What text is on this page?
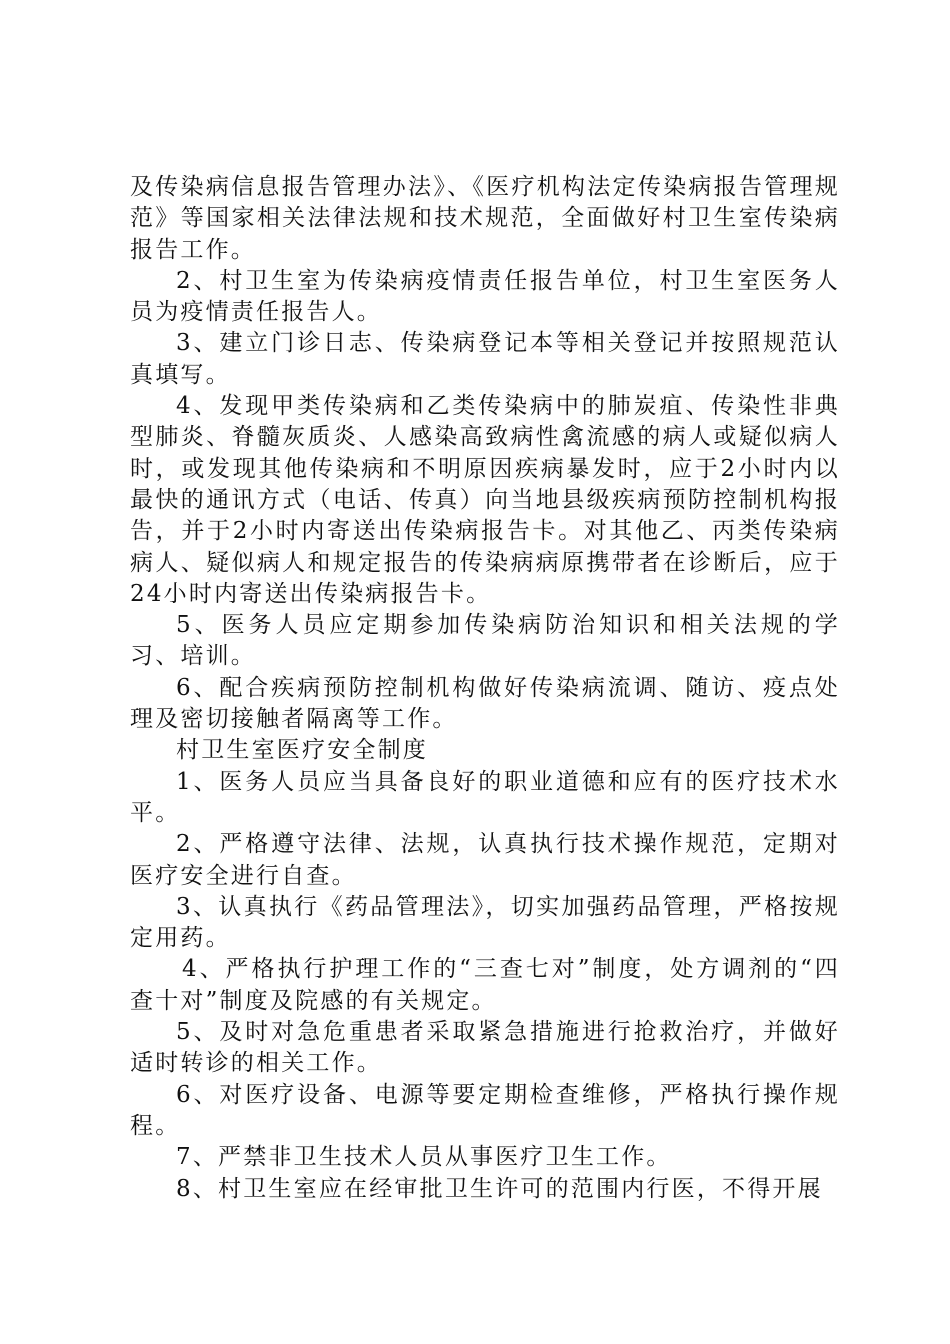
及传染病信息报告管理办法》、《医疗机构法定传染病报告管理规范》等国家相关法律法规和技术规范，全面做好村卫生室传染病报告工作。

2、村卫生室为传染病疫情责任报告单位，村卫生室医务人员为疫情责任报告人。

3、建立门诊日志、传染病登记本等相关登记并按照规范认真填写。

4、发现甲类传染病和乙类传染病中的肺炭疽、传染性非典型肺炎、脊髓灰质炎、人感染高致病性禽流感的病人或疑似病人时，或发现其他传染病和不明原因疾病暴发时，应于2小时内以最快的通讯方式（电话、传真）向当地县级疾病预防控制机构报告，并于2小时内寄送出传染病报告卡。对其他乙、丙类传染病病人、疑似病人和规定报告的传染病病原携带者在诊断后，应于24小时内寄送出传染病报告卡。

5、医务人员应定期参加传染病防治知识和相关法规的学习、培训。

6、配合疾病预防控制机构做好传染病流调、随访、疫点处理及密切接触者隔离等工作。

村卫生室医疗安全制度

1、医务人员应当具备良好的职业道德和应有的医疗技术水平。

2、严格遵守法律、法规，认真执行技术操作规范，定期对医疗安全进行自查。

3、认真执行《药品管理法》，切实加强药品管理，严格按规定用药。

4、严格执行护理工作的“三查七对”制度，处方调剂的“四查十对”制度及院感的有关规定。

5、及时对急危重患者采取紧急措施进行抢救治疗，并做好适时转诊的相关工作。

6、对医疗设备、电源等要定期检查维修，严格执行操作规程。

7、严禁非卫生技术人员从事医疗卫生工作。

8、村卫生室应在经审批卫生许可的范围内行医，不得开展
